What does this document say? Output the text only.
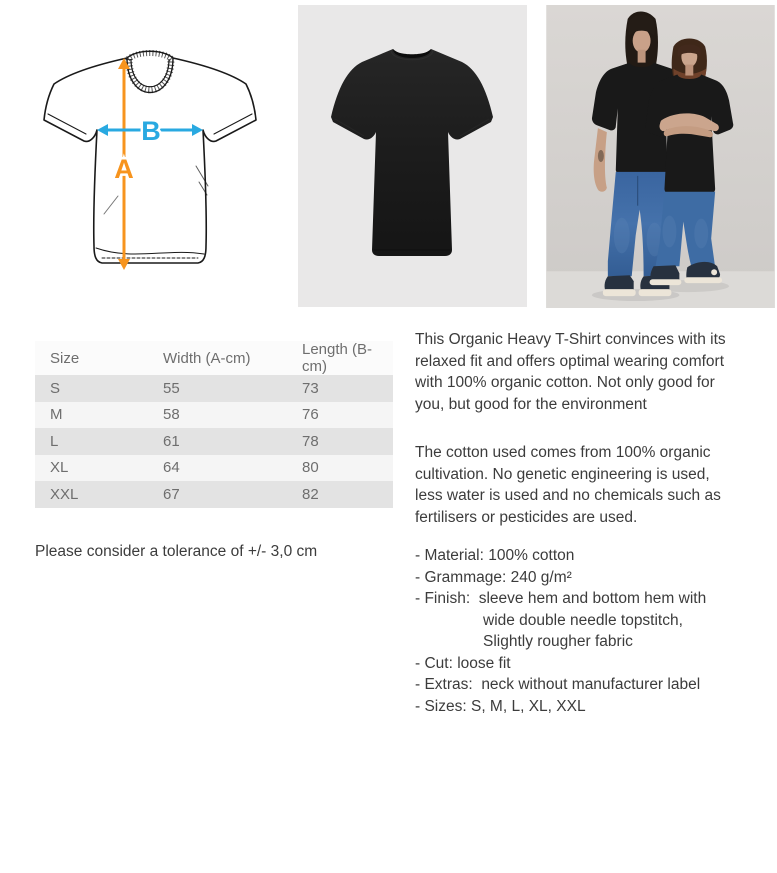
A
B
Size	Width (A-cm)	Length (B-cm)
S	55	73
M	58	76
L	61	78
XL	64	80
XXL	67	82
Please consider a tolerance of +/- 3,0 cm
This Organic Heavy T-Shirt convinces with its
relaxed fit and offers optimal wearing comfort
with 100% organic cotton. Not only good for
you, but good for the environment
The cotton used comes from 100% organic
cultivation. No genetic engineering is used,
less water is used and no chemicals such as
fertilisers or pesticides are used.
- Material: 100% cotton
- Grammage: 240 g/m²
- Finish:  sleeve hem and bottom hem with
wide double needle topstitch,
Slightly rougher fabric
- Cut: loose fit
- Extras:  neck without manufacturer label
- Sizes: S, M, L, XL, XXL
